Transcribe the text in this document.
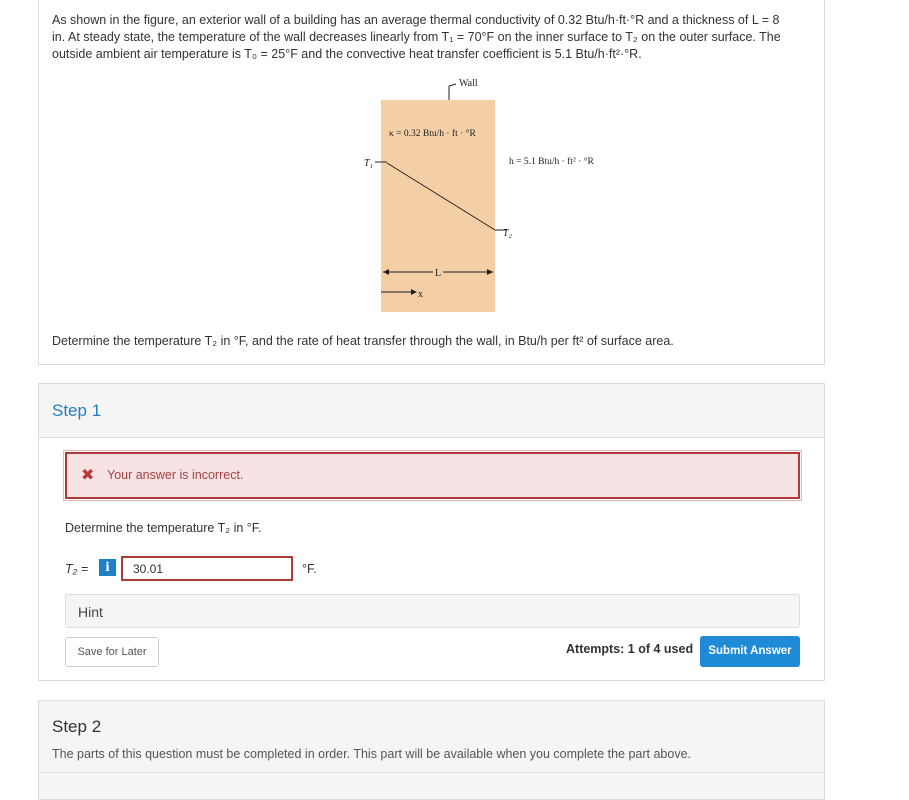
As shown in the figure, an exterior wall of a building has an average thermal conductivity of 0.32 Btu/h·ft·°R and a thickness of L = 8
in. At steady state, the temperature of the wall decreases linearly from T₁ = 70°F on the inner surface to T₂ on the outer surface. The
outside ambient air temperature is T₀ = 25°F and the convective heat transfer coefficient is 5.1 Btu/h·ft²·°R.
Wall
κ = 0.32 Btu/h · ft · °R
h = 5.1 Btu/h · ft² · °R
T₁
T₂
L
x
Determine the temperature T₂ in °F, and the rate of heat transfer through the wall, in Btu/h per ft² of surface area.
Step 1
✖ Your answer is incorrect.
Determine the temperature T₂ in °F.
T₂ =	i
30.01	°F.
Hint
Save for Later	Attempts: 1 of 4 used	Submit Answer
Step 2
The parts of this question must be completed in order. This part will be available when you complete the part above.
